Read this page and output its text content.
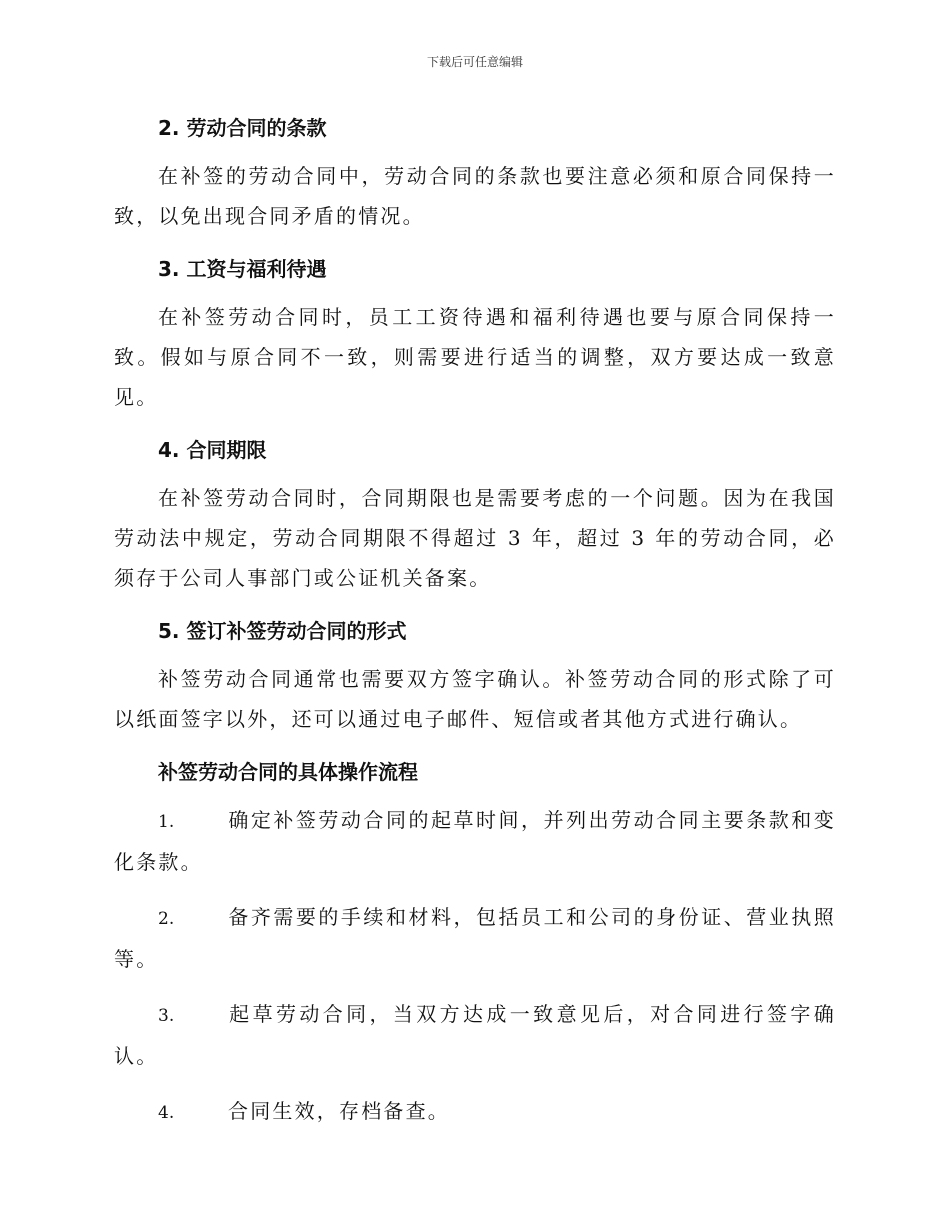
下载后可任意编辑
2. 劳动合同的条款

在补签的劳动合同中，劳动合同的条款也要注意必须和原合同保持一致，以免出现合同矛盾的情况。

3. 工资与福利待遇

在补签劳动合同时，员工工资待遇和福利待遇也要与原合同保持一致。假如与原合同不一致，则需要进行适当的调整，双方要达成一致意见。

4. 合同期限

在补签劳动合同时，合同期限也是需要考虑的一个问题。因为在我国劳动法中规定，劳动合同期限不得超过 3 年，超过 3 年的劳动合同，必须存于公司人事部门或公证机关备案。

5. 签订补签劳动合同的形式

补签劳动合同通常也需要双方签字确认。补签劳动合同的形式除了可以纸面签字以外，还可以通过电子邮件、短信或者其他方式进行确认。

补签劳动合同的具体操作流程

1.	确定补签劳动合同的起草时间，并列出劳动合同主要条款和变化条款。

2.	备齐需要的手续和材料，包括员工和公司的身份证、营业执照等。

3.	起草劳动合同，当双方达成一致意见后，对合同进行签字确认。

4.	合同生效，存档备查。
